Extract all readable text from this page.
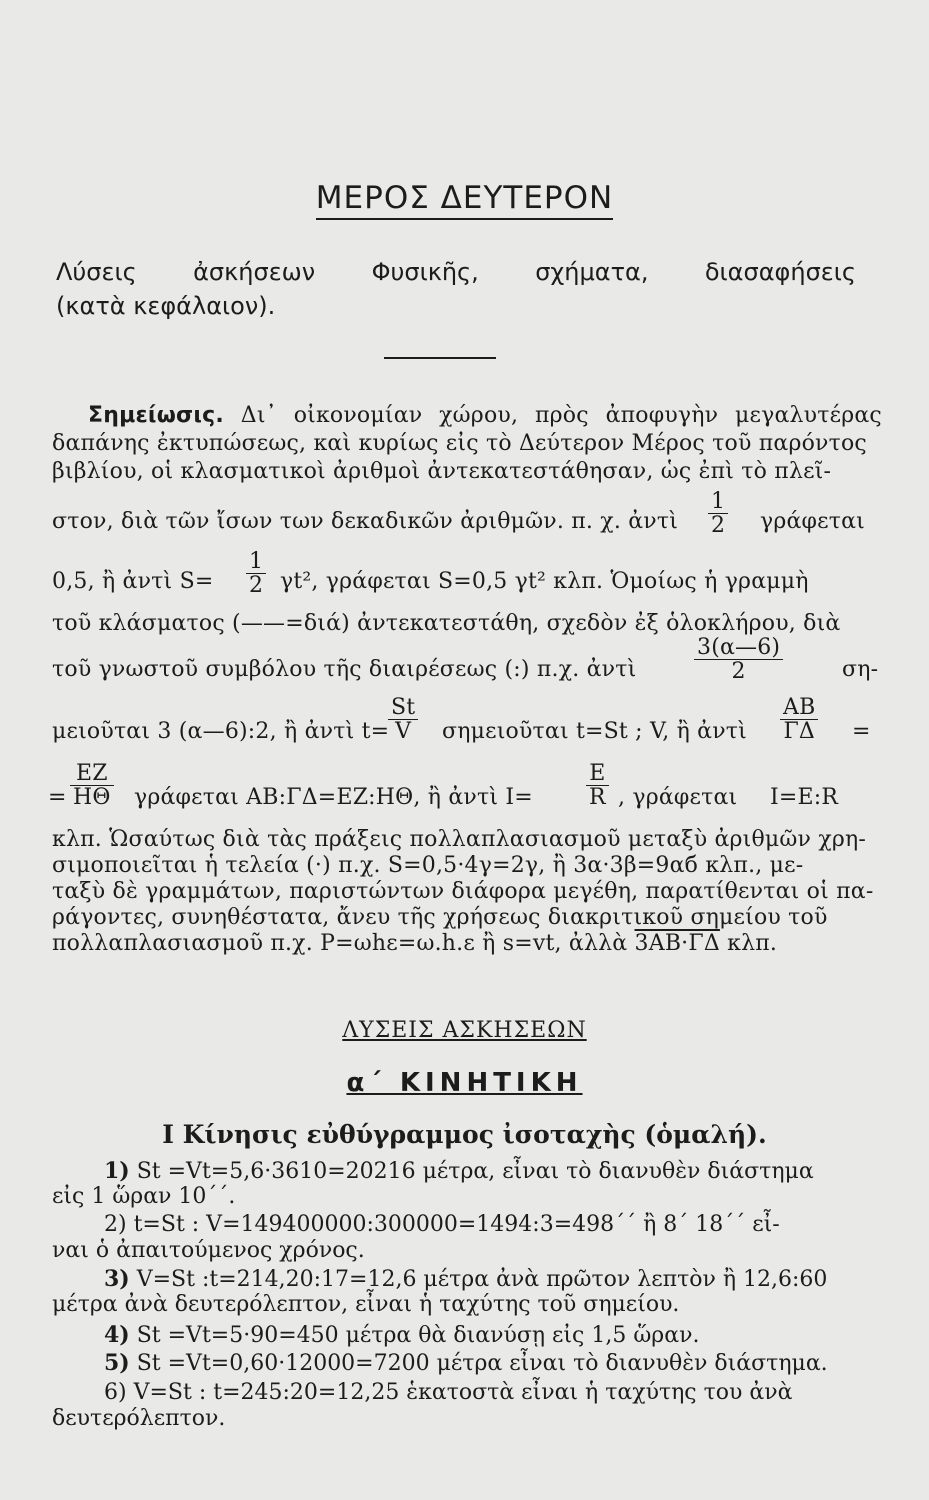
ΜΕΡΟΣ ΔΕΥΤΕΡΟΝ
Λύσεις ἀσκήσεων Φυσικῆς, σχήματα, διασαφήσεις
(κατὰ κεφάλαιον).
Σημείωσις. Δι᾽ οἰκονομίαν χώρου, πρὸς ἀποφυγὴν μεγαλυτέρας
δαπάνης ἐκτυπώσεως, καὶ κυρίως εἰς τὸ Δεύτερον Μέρος τοῦ παρόντος
βιβλίου, οἱ κλασματικοὶ ἀριθμοὶ ἀντεκατεστάθησαν, ὡς ἐπὶ τὸ πλεῖ-
στον, διὰ τῶν ἴσων των δεκαδικῶν ἀριθμῶν. π. χ. ἀντὶ $\frac{1}{2}$ γράφεται
0,5, ἢ ἀντὶ $S= \frac{1}{2} \gamma t^2$, γράφεται S=0,5 γt² κλπ. Ὁμοίως ἡ γραμμὴ
τοῦ κλάσματος (——=διά) ἀντεκατεστάθη, σχεδὸν ἐξ ὁλοκλήρου, διὰ
τοῦ γνωστοῦ συμβόλου τῆς διαιρέσεως (:) π.χ. ἀντὶ	$\frac{3(\alpha—6)}{2}$	ση-
μειοῦται 3 (α—6):2, ἢ ἀντὶ t=
$\frac{St}{V}$ σημειοῦται t=St ; V, ἢ ἀντὶ $\frac{AB}{\Gamma\Delta}$ =
= $\frac{EZ}{H\Theta}$ γράφεται ΑΒ:ΓΔ=ΕΖ:ΗΘ, ἢ ἀντὶ $I= \frac{E}{R}$ , γράφεται I=E:R
κλπ. Ὡσαύτως διὰ τὰς πράξεις πολλαπλασιασμοῦ μεταξὺ ἀριθμῶν χρη-
σιμοποιεῖται ἡ τελεία (·) π.χ. S=0,5·4γ=2γ, ἢ 3α·3β=9αб κλπ., με-
ταξὺ δὲ γραμμάτων, παριστώντων διάφορα μεγέθη, παρατίθενται οἱ πα-
ράγοντες, συνηθέστατα, ἄνευ τῆς χρήσεως διακριτικοῦ σημείου τοῦ
πολλαπλασιασμοῦ π.χ. P=ωhε=ω.h.ε ἢ s=vt, ἀλλὰ 3ΑΒ·ΓΔ κλπ.
ΛΥΣΕΙΣ ΑΣΚΗΣΕΩΝ
α΄ ΚΙΝΗΤΙΚΗ
Ι Κίνησις εὐθύγραμμος ἰσοταχὴς (ὁμαλή).
1) St =Vt=5,6·3610=20216 μέτρα, εἶναι τὸ διανυθὲν διάστημα
εἰς 1 ὥραν 10΄΄.
2) t=St : V=149400000:300000=1494:3=498΄΄ ἢ 8΄ 18΄΄ εἶ-
ναι ὁ ἀπαιτούμενος χρόνος.
3) V=St :t=214,20:17=12,6 μέτρα ἀνὰ πρῶτον λεπτὸν ἢ 12,6:60
μέτρα ἀνὰ δευτερόλεπτον, εἶναι ἡ ταχύτης τοῦ σημείου.
4) St =Vt=5·90=450 μέτρα θὰ διανύσῃ εἰς 1,5 ὥραν.
5) St =Vt=0,60·12000=7200 μέτρα εἶναι τὸ διανυθὲν διάστημα.
6) V=St : t=245:20=12,25 ἑκατοστὰ εἶναι ἡ ταχύτης του ἀνὰ
δευτερόλεπτον.
